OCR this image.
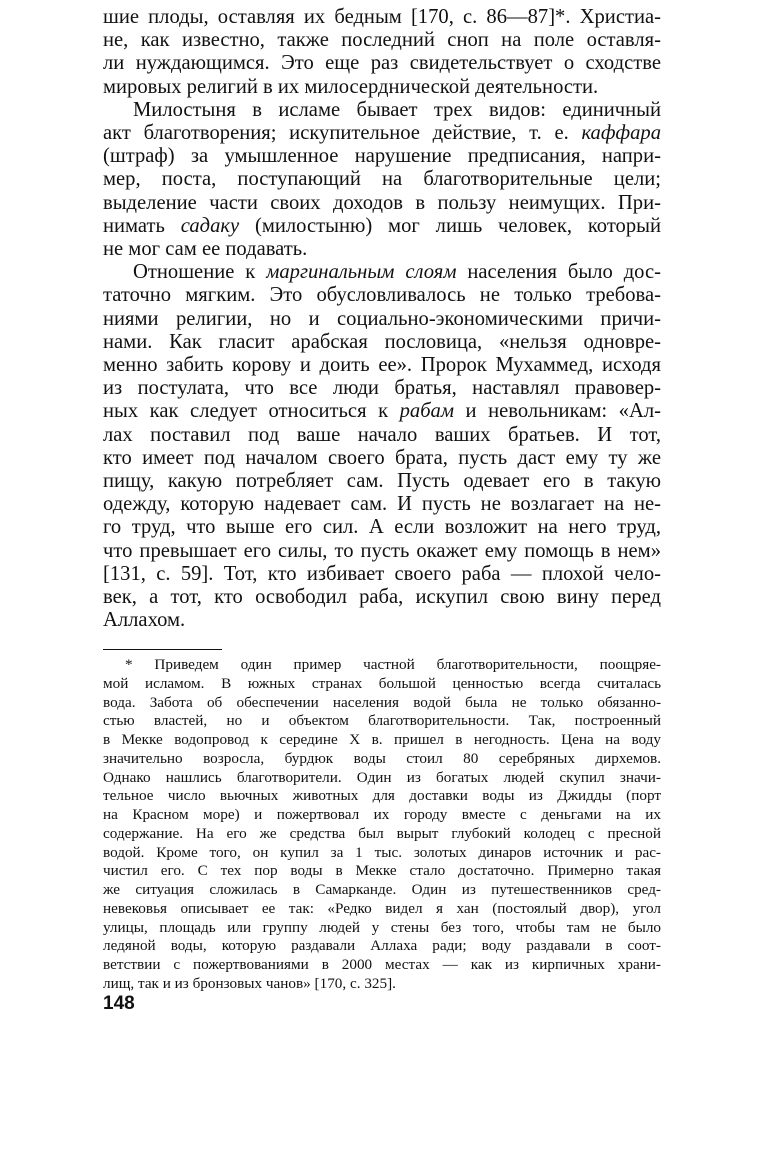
шие плоды, оставляя их бедным [170, с. 86—87]*. Христиа-
не, как известно, также последний сноп на поле оставля-
ли нуждающимся. Это еще раз свидетельствует о сходстве
мировых религий в их милосерднической деятельности.
Милостыня в исламе бывает трех видов: единичный
акт благотворения; искупительное действие, т. е. каффара
(штраф) за умышленное нарушение предписания, напри-
мер, поста, поступающий на благотворительные цели;
выделение части своих доходов в пользу неимущих. При-
нимать садаку (милостыню) мог лишь человек, который
не мог сам ее подавать.
Отношение к маргинальным слоям населения было дос-
таточно мягким. Это обусловливалось не только требова-
ниями религии, но и социально-экономическими причи-
нами. Как гласит арабская пословица, «нельзя одновре-
менно забить корову и доить ее». Пророк Мухаммед, исходя
из постулата, что все люди братья, наставлял правовер-
ных как следует относиться к рабам и невольникам: «Ал-
лах поставил под ваше начало ваших братьев. И тот,
кто имеет под началом своего брата, пусть даст ему ту же
пищу, какую потребляет сам. Пусть одевает его в такую
одежду, которую надевает сам. И пусть не возлагает на не-
го труд, что выше его сил. А если возложит на него труд,
что превышает его силы, то пусть окажет ему помощь в нем»
[131, с. 59]. Тот, кто избивает своего раба — плохой чело-
век, а тот, кто освободил раба, искупил свою вину перед
Аллахом.
* Приведем один пример частной благотворительности, поощряе-
мой исламом. В южных странах большой ценностью всегда считалась
вода. Забота об обеспечении населения водой была не только обязанно-
стью властей, но и объектом благотворительности. Так, построенный
в Мекке водопровод к середине X в. пришел в негодность. Цена на воду
значительно возросла, бурдюк воды стоил 80 серебряных дирхемов.
Однако нашлись благотворители. Один из богатых людей скупил значи-
тельное число вьючных животных для доставки воды из Джидды (порт
на Красном море) и пожертвовал их городу вместе с деньгами на их
содержание. На его же средства был вырыт глубокий колодец с пресной
водой. Кроме того, он купил за 1 тыс. золотых динаров источник и рас-
чистил его. С тех пор воды в Мекке стало достаточно. Примерно такая
же ситуация сложилась в Самарканде. Один из путешественников сред-
невековья описывает ее так: «Редко видел я хан (постоялый двор), угол
улицы, площадь или группу людей у стены без того, чтобы там не было
ледяной воды, которую раздавали Аллаха ради; воду раздавали в соот-
ветствии с пожертвованиями в 2000 местах — как из кирпичных храни-
лищ, так и из бронзовых чанов» [170, с. 325].
148
